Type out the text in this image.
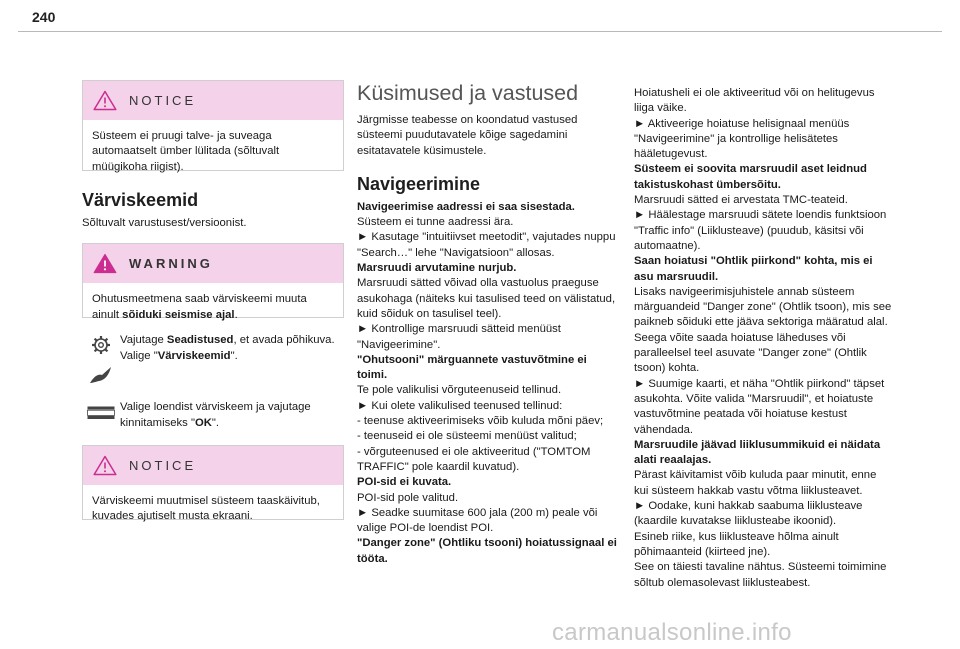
240
NOTICE
Süsteem ei pruugi talve- ja suveaga automaatselt ümber lülitada (sõltuvalt müügikoha riigist).
Värviskeemid
Sõltuvalt varustusest/versioonist.
WARNING
Ohutusmeetmena saab värviskeemi muuta ainult sõiduki seismise ajal.
Vajutage Seadistused, et avada põhikuva.
Valige "Värviskeemid".
Valige loendist värviskeem ja vajutage kinnitamiseks "OK".
NOTICE
Värviskeemi muutmisel süsteem taaskäivitub, kuvades ajutiselt musta ekraani.
Küsimused ja vastused
Järgmisse teabesse on koondatud vastused süsteemi puudutavatele kõige sagedamini esitatavatele küsimustele.
Navigeerimine
Navigeerimise aadressi ei saa sisestada.
Süsteem ei tunne aadressi ära.
► Kasutage "intuitiivset meetodit", vajutades nuppu "Search…" lehe "Navigatsioon" allosas.
Marsruudi arvutamine nurjub.
Marsruudi sätted võivad olla vastuolus praeguse asukohaga (näiteks kui tasulised teed on välistatud, kuid sõiduk on tasulisel teel).
► Kontrollige marsruudi sätteid menüüst "Navigeerimine".
"Ohutsooni" märguannete vastuvõtmine ei toimi.
Te pole valikulisi võrguteenuseid tellinud.
► Kui olete valikulised teenused tellinud:
- teenuse aktiveerimiseks võib kuluda mõni päev;
- teenuseid ei ole süsteemi menüüst valitud;
- võrguteenused ei ole aktiveeritud ("TOMTOM TRAFFIC" pole kaardil kuvatud).
POI-sid ei kuvata.
POI-sid pole valitud.
► Seadke suumitase 600 jala (200 m) peale või valige POI-de loendist POI.
"Danger zone" (Ohtliku tsooni) hoiatussignaal ei tööta.
Hoiatusheli ei ole aktiveeritud või on helitugevus liiga väike.
► Aktiveerige hoiatuse helisignaal menüüs "Navigeerimine" ja kontrollige helisätetes hääletugevust.
Süsteem ei soovita marsruudil aset leidnud takistuskohast ümbersõitu.
Marsruudi sätted ei arvestata TMC-teateid.
► Häälestage marsruudi sätete loendis funktsioon "Traffic info" (Liiklusteave) (puudub, käsitsi või automaatne).
Saan hoiatusi "Ohtlik piirkond" kohta, mis ei asu marsruudil.
Lisaks navigeerimisjuhistele annab süsteem märguandeid "Danger zone" (Ohtlik tsoon), mis see paikneb sõiduki ette jääva sektoriga määratud alal. Seega võite saada hoiatuse läheduses või paralleelsel teel asuvate "Danger zone" (Ohtlik tsoon) kohta.
► Suumige kaarti, et näha "Ohtlik piirkond" täpset asukohta. Võite valida "Marsruudil", et hoiatuste vastuvõtmine peatada või hoiatuse kestust vähendada.
Marsruudile jäävad liiklusummikuid ei näidata alati reaalajas.
Pärast käivitamist võib kuluda paar minutit, enne kui süsteem hakkab vastu võtma liiklusteavet.
► Oodake, kuni hakkab saabuma liiklusteave (kaardile kuvatakse liiklusteabe ikoonid).
Esineb riike, kus liiklusteave hõlma ainult põhimaanteid (kiirteed jne).
See on täiesti tavaline nähtus. Süsteemi toimimine sõltub olemasolevast liiklusteabest.
carmanualsonline.info
